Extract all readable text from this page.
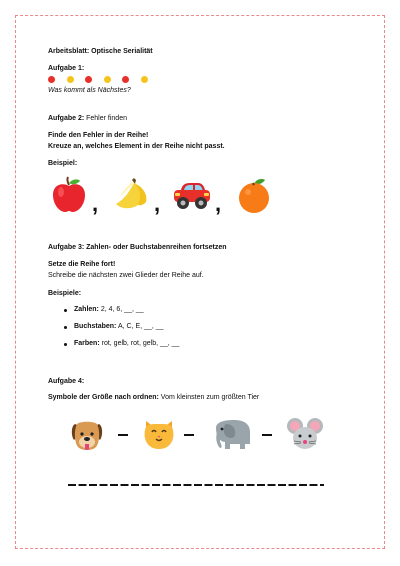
Arbeitsblatt: Optische Serialität
Aufgabe 1:
Was kommt als Nächstes?
Aufgabe 2: Fehler finden
Finde den Fehler in der Reihe!
Kreuze an, welches Element in der Reihe nicht passt.
Beispiel:
,	, ,
Aufgabe 3: Zahlen- oder Buchstabenreihen fortsetzen
Setze die Reihe fort!
Schreibe die nächsten zwei Glieder der Reihe auf.
Beispiele:
Zahlen: 2, 4, 6, __, __
Buchstaben: A, C, E, __, __
Farben: rot, gelb, rot, gelb, __, __
Aufgabe 4:
Symbole der Größe nach ordnen: Vom kleinsten zum größten Tier
